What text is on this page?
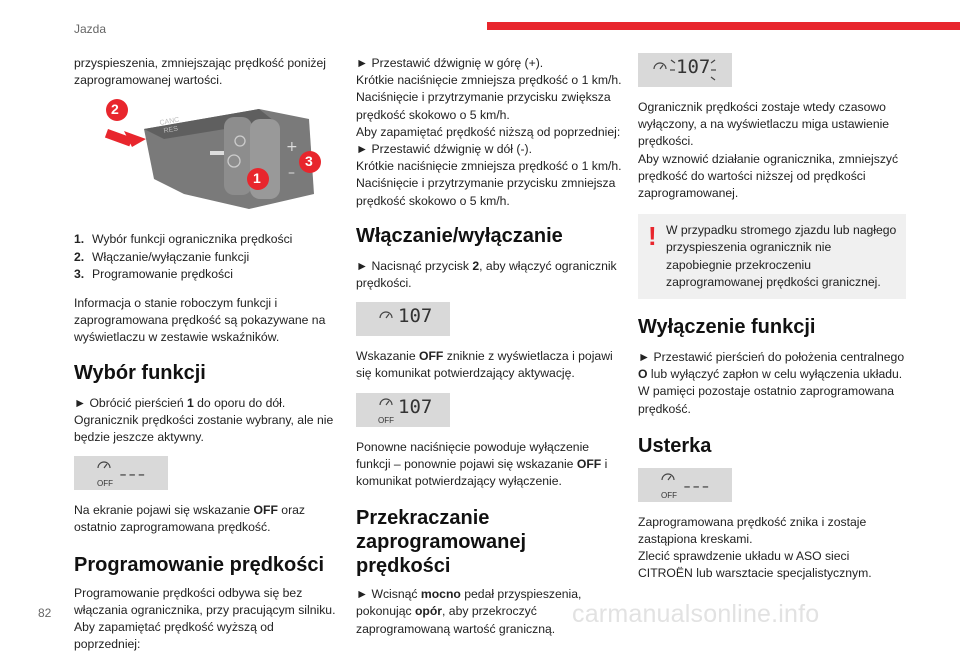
Jazda

przyspieszenia, zmniejszając prędkość poniżej zaprogramowanej wartości.

+
–
CANC
RES
2
1
3
1. Wybór funkcji ogranicznika prędkości
2. Włączanie/wyłączanie funkcji
3. Programowanie prędkości

Informacja o stanie roboczym funkcji i zaprogramowana prędkość są pokazywane na wyświetlaczu w zestawie wskaźników.

Wybór funkcji

► Obrócić pierścień 1 do oporu do dół. Ogranicznik prędkości zostanie wybrany, ale nie będzie jeszcze aktywny.

OFF
– – –

Na ekranie pojawi się wskazanie OFF oraz ostatnio zaprogramowana prędkość.

Programowanie prędkości

Programowanie prędkości odbywa się bez włączania ogranicznika, przy pracującym silniku.

Aby zapamiętać prędkość wyższą od poprzedniej:

► Przestawić dźwignię w górę (+).

Krótkie naciśnięcie zmniejsza prędkość o 1 km/h.

Naciśnięcie i przytrzymanie przycisku zwiększa prędkość skokowo o 5 km/h.

Aby zapamiętać prędkość niższą od poprzedniej:

► Przestawić dźwignię w dół (-).

Krótkie naciśnięcie zmniejsza prędkość o 1 km/h.

Naciśnięcie i przytrzymanie przycisku zmniejsza prędkość skokowo o 5 km/h.

Włączanie/wyłączanie

► Nacisnąć przycisk 2, aby włączyć ogranicznik prędkości.

107

Wskazanie OFF zniknie z wyświetlacza i pojawi się komunikat potwierdzający aktywację.

OFF
107

Ponowne naciśnięcie powoduje wyłączenie funkcji – ponownie pojawi się wskazanie OFF i komunikat potwierdzający wyłączenie.

Przekraczanie zaprogramowanej prędkości

► Wcisnąć mocno pedał przyspieszenia, pokonując opór, aby przekroczyć zaprogramowaną wartość graniczną.

107

Ogranicznik prędkości zostaje wtedy czasowo wyłączony, a na wyświetlaczu miga ustawienie prędkości.

Aby wznowić działanie ogranicznika, zmniejszyć prędkość do wartości niższej od prędkości zaprogramowanej.

! W przypadku stromego zjazdu lub nagłego przyspieszenia ogranicznik nie zapobiegnie przekroczeniu zaprogramowanej prędkości granicznej.

Wyłączenie funkcji

► Przestawić pierścień do położenia centralnego O lub wyłączyć zapłon w celu wyłączenia układu.

W pamięci pozostaje ostatnio zaprogramowana prędkość.

Usterka
OFF
– – –

Zaprogramowana prędkość znika i zostaje zastąpiona kreskami.

Zlecić sprawdzenie układu w ASO sieci CITROËN lub warsztacie specjalistycznym.

82	carmanualsonline.info
